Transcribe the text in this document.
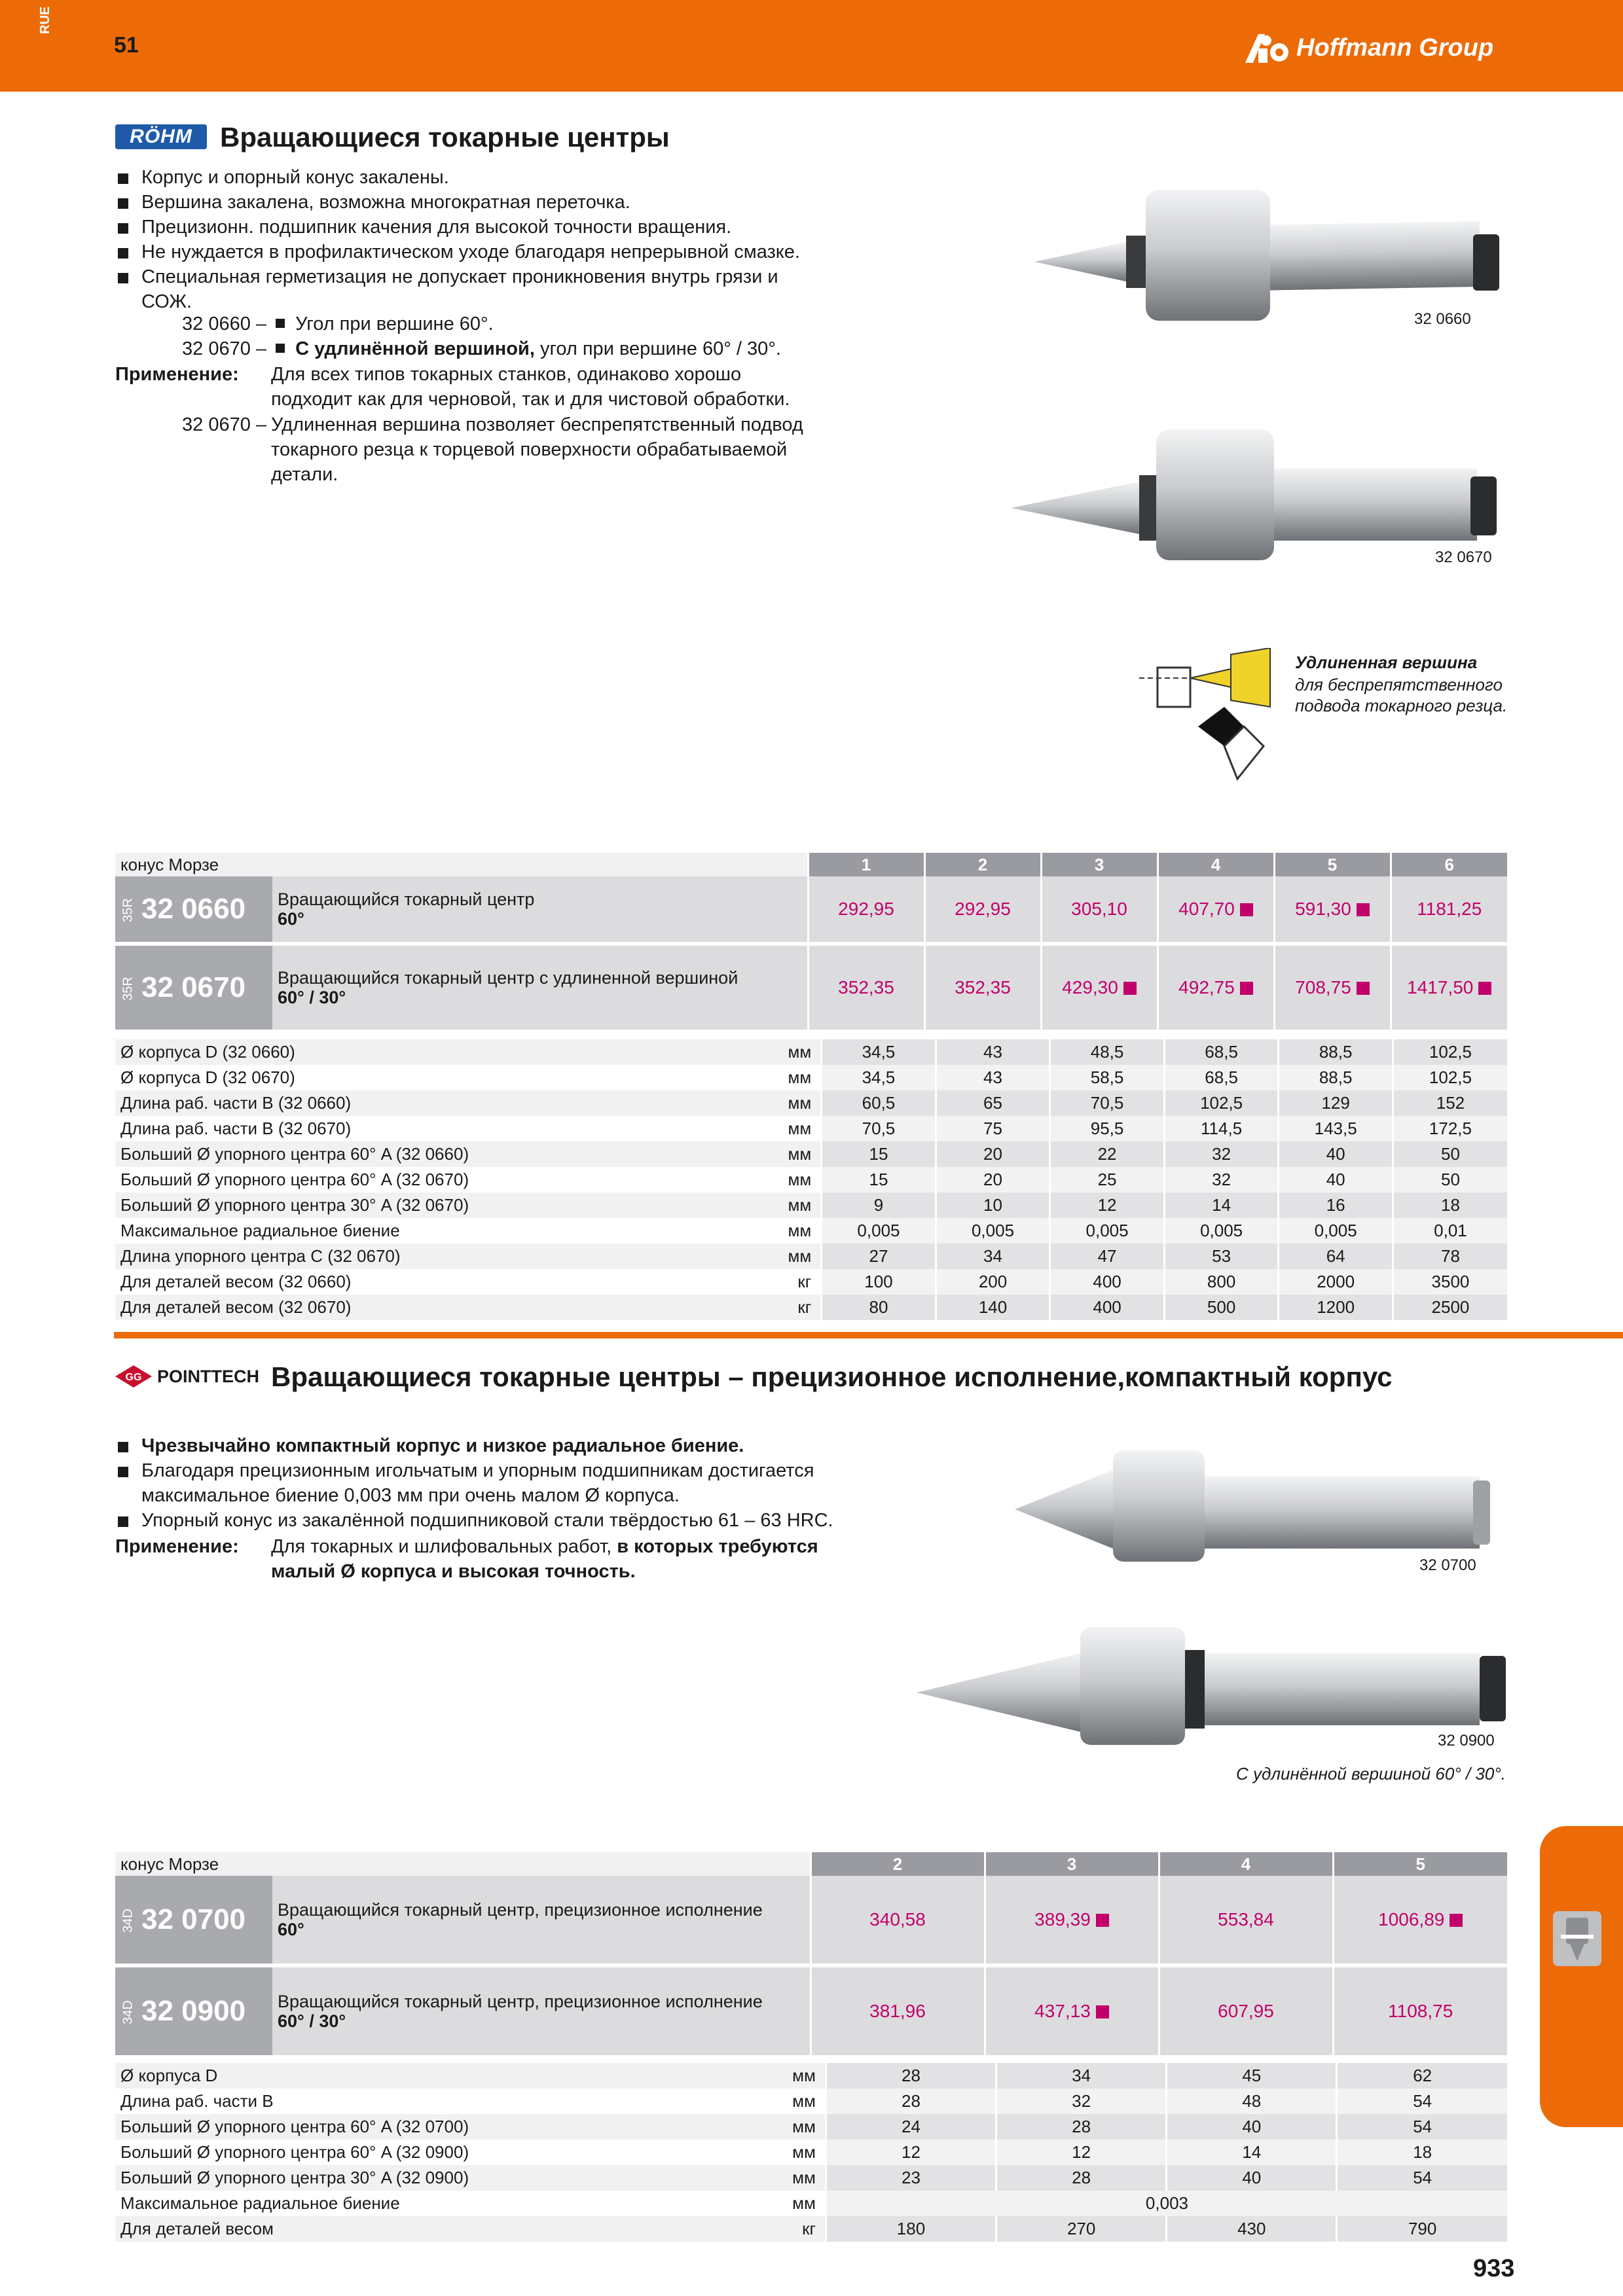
RUE
51	Hoffmann Group
RÖHM Вращающиеся токарные центры
Корпус и опорный конус закалены.
Вершина закалена, возможна многократная переточка.
Прецизионн. подшипник качения для высокой точности вращения.
Не нуждается в профилактическом уходе благодаря непрерывной смазке.
Специальная герметизация не допускает проникновения внутрь грязи и
СОЖ.
32 0660 – Угол при вершине 60°.
32 0670 – С удлинённой вершиной, угол при вершине 60° / 30°.
Применение: Для всех типов токарных станков, одинаково хорошо
подходит как для черновой, так и для чистовой обработки.
32 0670 – Удлиненная вершина позволяет беспрепятственный подвод
токарного резца к торцевой поверхности обрабатываемой
детали.
32 0660
32 0670
Удлиненная вершина
для беспрепятственного
подвода токарного резца.
конус Морзе		1	2	3	4	5	6
35R 32 0660	Вращающийся токарный центр
60°	292,95	292,95	305,10	407,70	591,30	1181,25

35R 32 0670	Вращающийся токарный центр с удлиненной вершиной
60° / 30°	352,35	352,35	429,30	492,75	708,75	1417,50
Ø корпуса D (32 0660)	мм	34,5	43	48,5	68,5	88,5	102,5
Ø корпуса D (32 0670)	мм	34,5	43	58,5	68,5	88,5	102,5
Длина раб. части B (32 0660)	мм	60,5	65	70,5	102,5	129	152
Длина раб. части B (32 0670)	мм	70,5	75	95,5	114,5	143,5	172,5
Больший Ø упорного центра 60° A (32 0660)	мм	15	20	22	32	40	50
Больший Ø упорного центра 60° A (32 0670)	мм	15	20	25	32	40	50
Больший Ø упорного центра 30° A (32 0670)	мм	9	10	12	14	16	18
Максимальное радиальное биение	мм	0,005	0,005	0,005	0,005	0,005	0,01
Длина упорного центра C (32 0670)	мм	27	34	47	53	64	78
Для деталей весом (32 0660)	кг	100	200	400	800	2000	3500
Для деталей весом (32 0670)	кг	80	140	400	500	1200	2500
GG POINTTECH Вращающиеся токарные центры – прецизионное исполнение,компактный корпус
Чрезвычайно компактный корпус и низкое радиальное биение.
Благодаря прецизионным игольчатым и упорным подшипникам достигается
максимальное биение 0,003 мм при очень малом Ø корпуса.
Упорный конус из закалённой подшипниковой стали твёрдостью 61 – 63 HRC.
Применение: Для токарных и шлифовальных работ, в которых требуются
малый Ø корпуса и высокая точность.	32 0700
32 0900
С удлинённой вершиной 60° / 30°.
конус Морзе		2	3	4	5
34D 32 0700	Вращающийся токарный центр, прецизионное исполнение
60°	340,58	389,39	553,84	1006,89

34D 32 0900	Вращающийся токарный центр, прецизионное исполнение
60° / 30°	381,96	437,13	607,95	1108,75
Ø корпуса D	мм	28	34	45	62
Длина раб. части B	мм	28	32	48	54
Больший Ø упорного центра 60° A (32 0700)	мм	24	28	40	54
Больший Ø упорного центра 60° A (32 0900)	мм	12	12	14	18
Больший Ø упорного центра 30° A (32 0900)	мм	23	28	40	54
Максимальное радиальное биение	мм	0,003			
Для деталей весом	кг	180	270	430	790
933
